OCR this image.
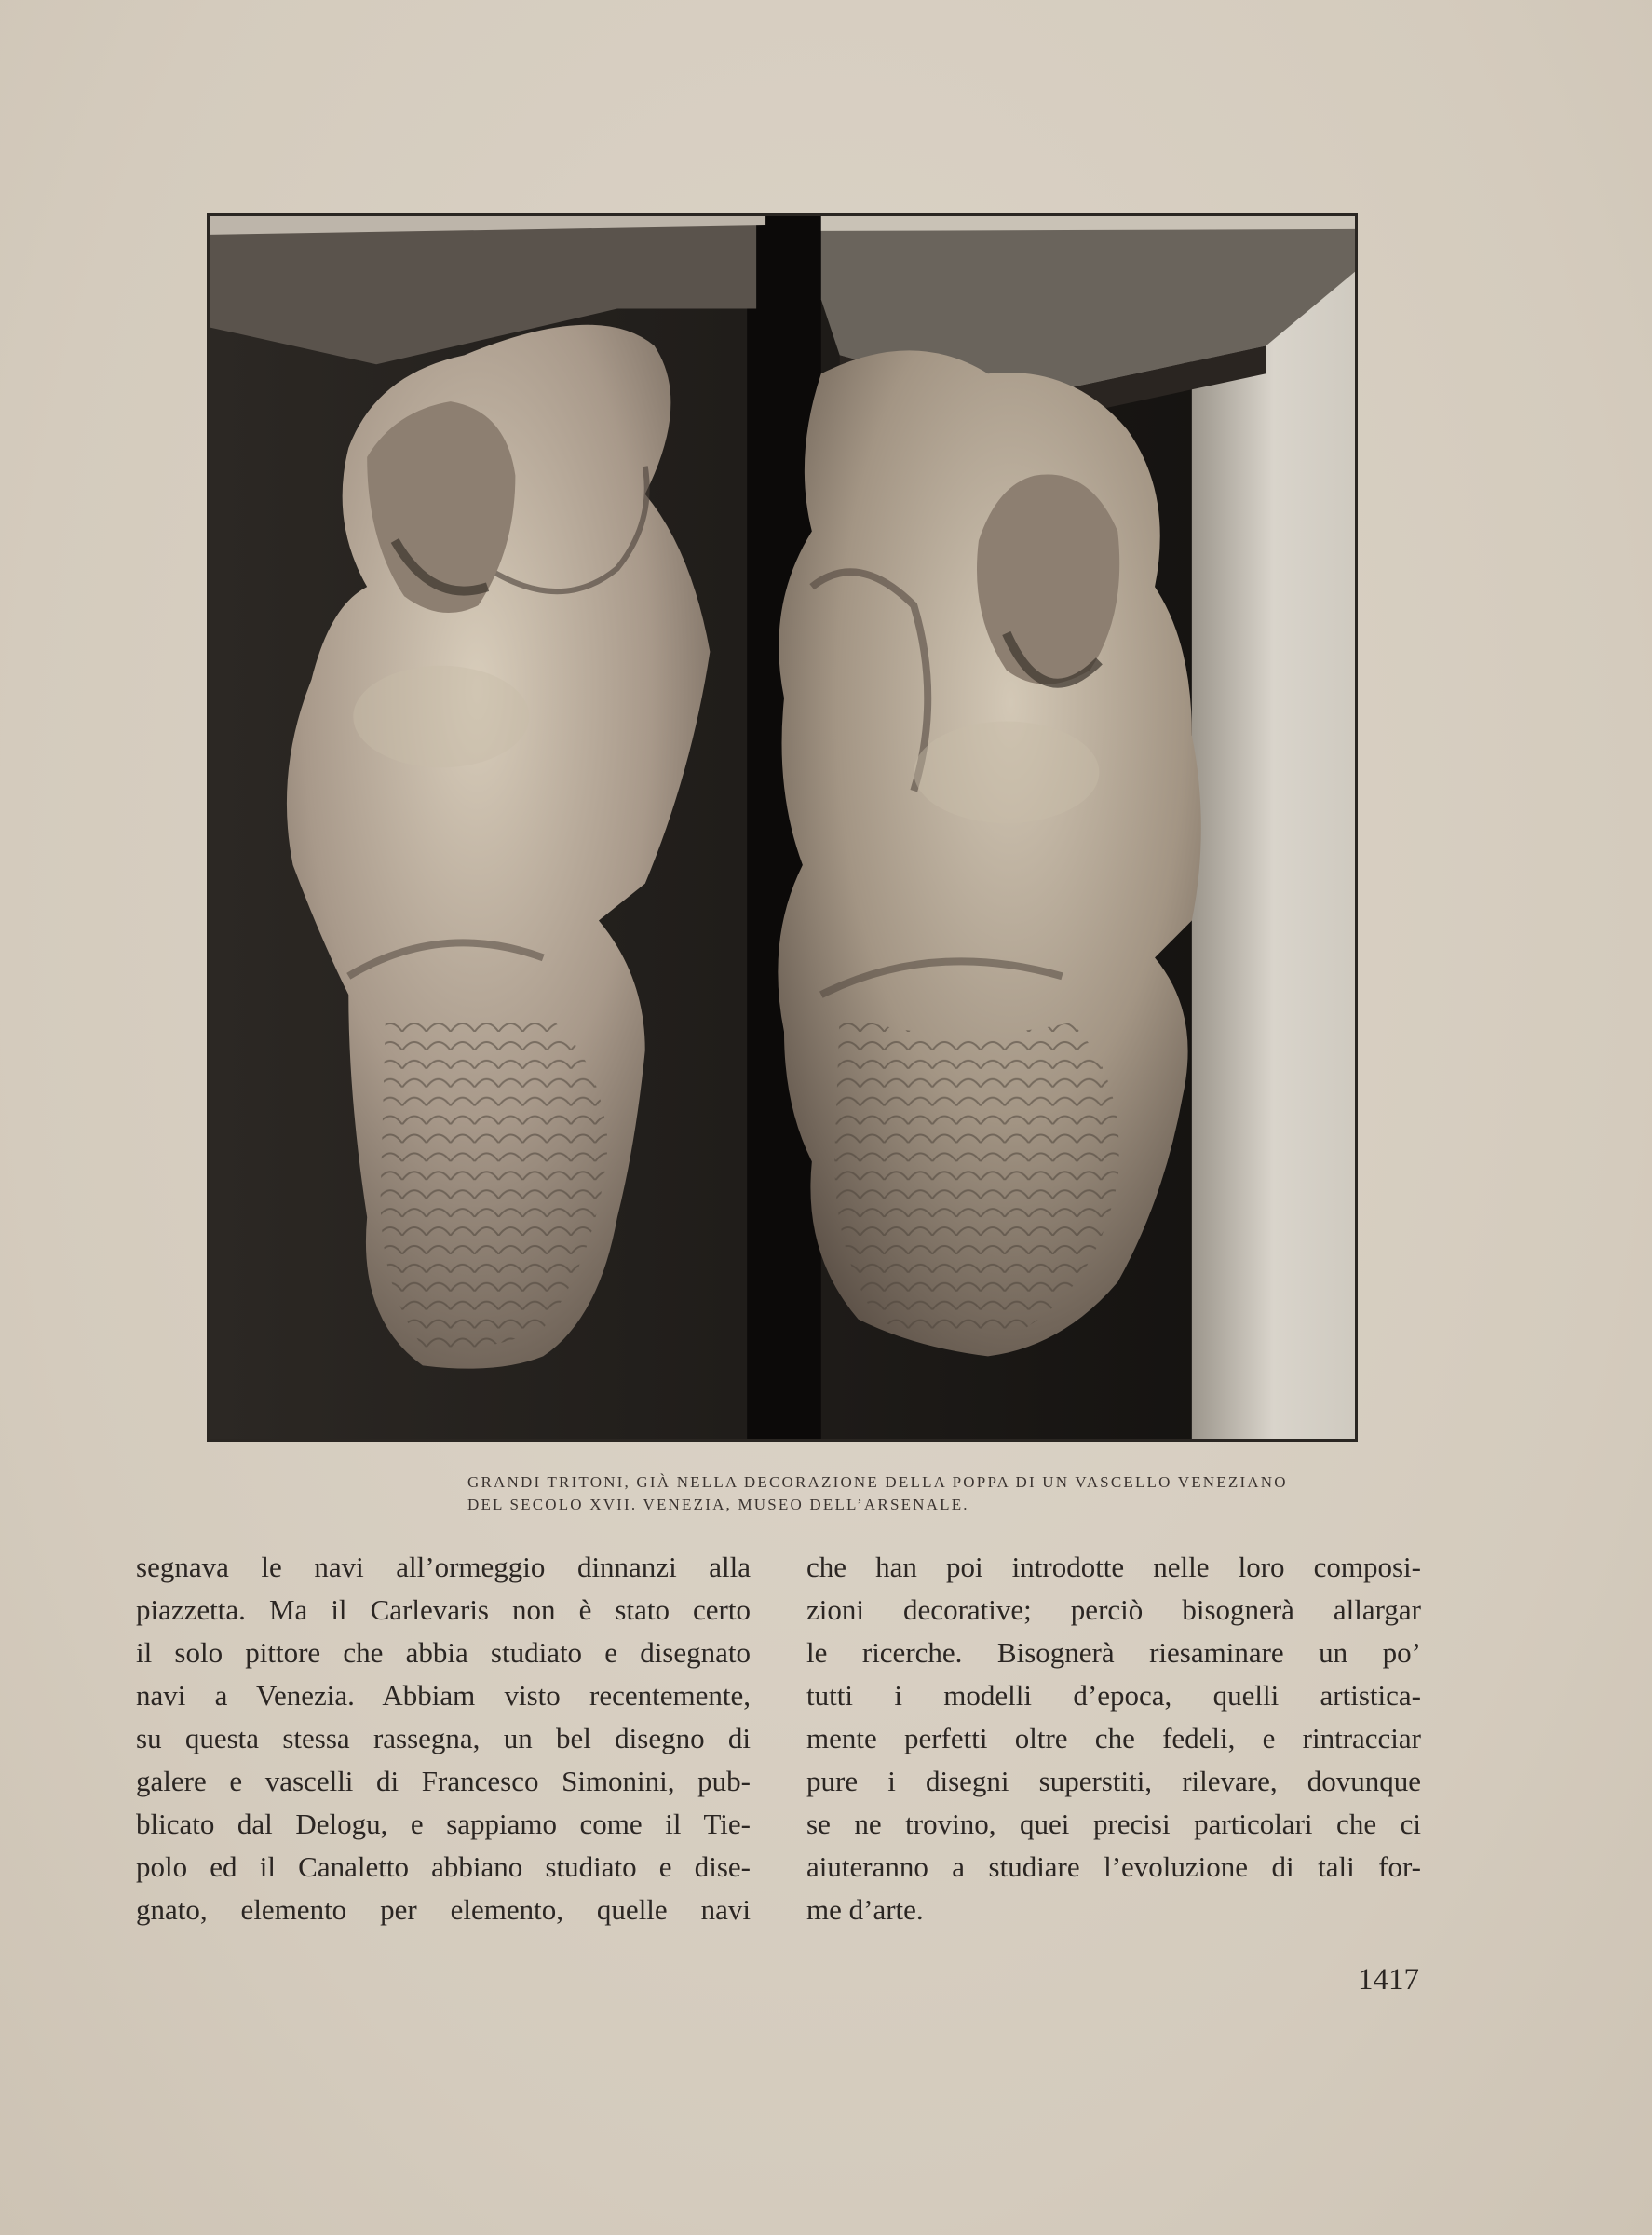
GRANDI TRITONI, GIÀ NELLA DECORAZIONE DELLA POPPA DI UN VASCELLO VENEZIANO
DEL SECOLO XVII. VENEZIA, MUSEO DELL’ARSENALE.

segnava le navi all’ormeggio dinnanzi alla
piazzetta. Ma il Carlevaris non è stato certo
il solo pittore che abbia studiato e disegnato
navi a Venezia. Abbiam visto recentemente,
su questa stessa rassegna, un bel disegno di
galere e vascelli di Francesco Simonini, pub-
blicato dal Delogu, e sappiamo come il Tie-
polo ed il Canaletto abbiano studiato e dise-
gnato, elemento per elemento, quelle navi
che han poi introdotte nelle loro composi-
zioni decorative; perciò bisognerà allargar
le ricerche. Bisognerà riesaminare un po’
tutti i modelli d’epoca, quelli artistica-
mente perfetti oltre che fedeli, e rintracciar
pure i disegni superstiti, rilevare, dovunque
se ne trovino, quei precisi particolari che ci
aiuteranno a studiare l’evoluzione di tali for-
me d’arte.
1417
